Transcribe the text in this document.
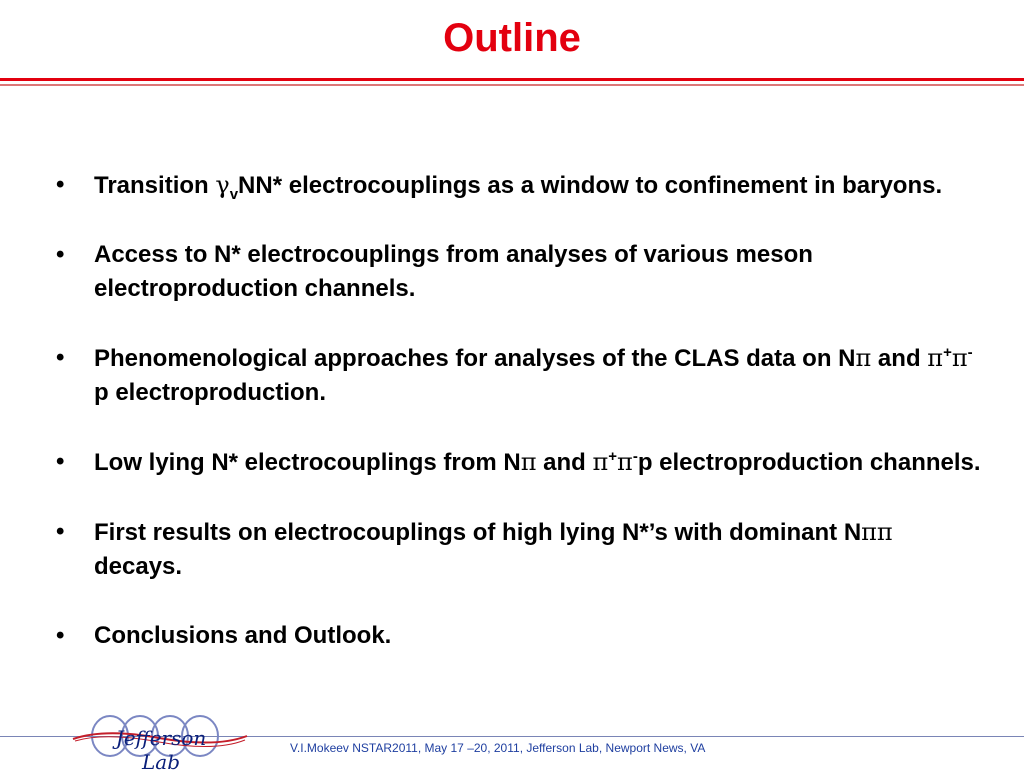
Outline
• Transition $\gamma_vNN*$ electrocouplings as a window to confinement in baryons.
• Access to N* electrocouplings from analyses of various meson electroproduction channels.
• Phenomenological approaches for analyses of the CLAS data on Nπ and π+π-p electroproduction.
• Low lying N* electrocouplings from Nπ and π+π-p electroproduction channels.
• First results on electrocouplings of high lying N*’s with dominant Nππ decays.
• Conclusions and Outlook.
Jefferson Lab
V.I.Mokeev NSTAR2011, May 17 –20, 2011, Jefferson Lab, Newport News, VA
